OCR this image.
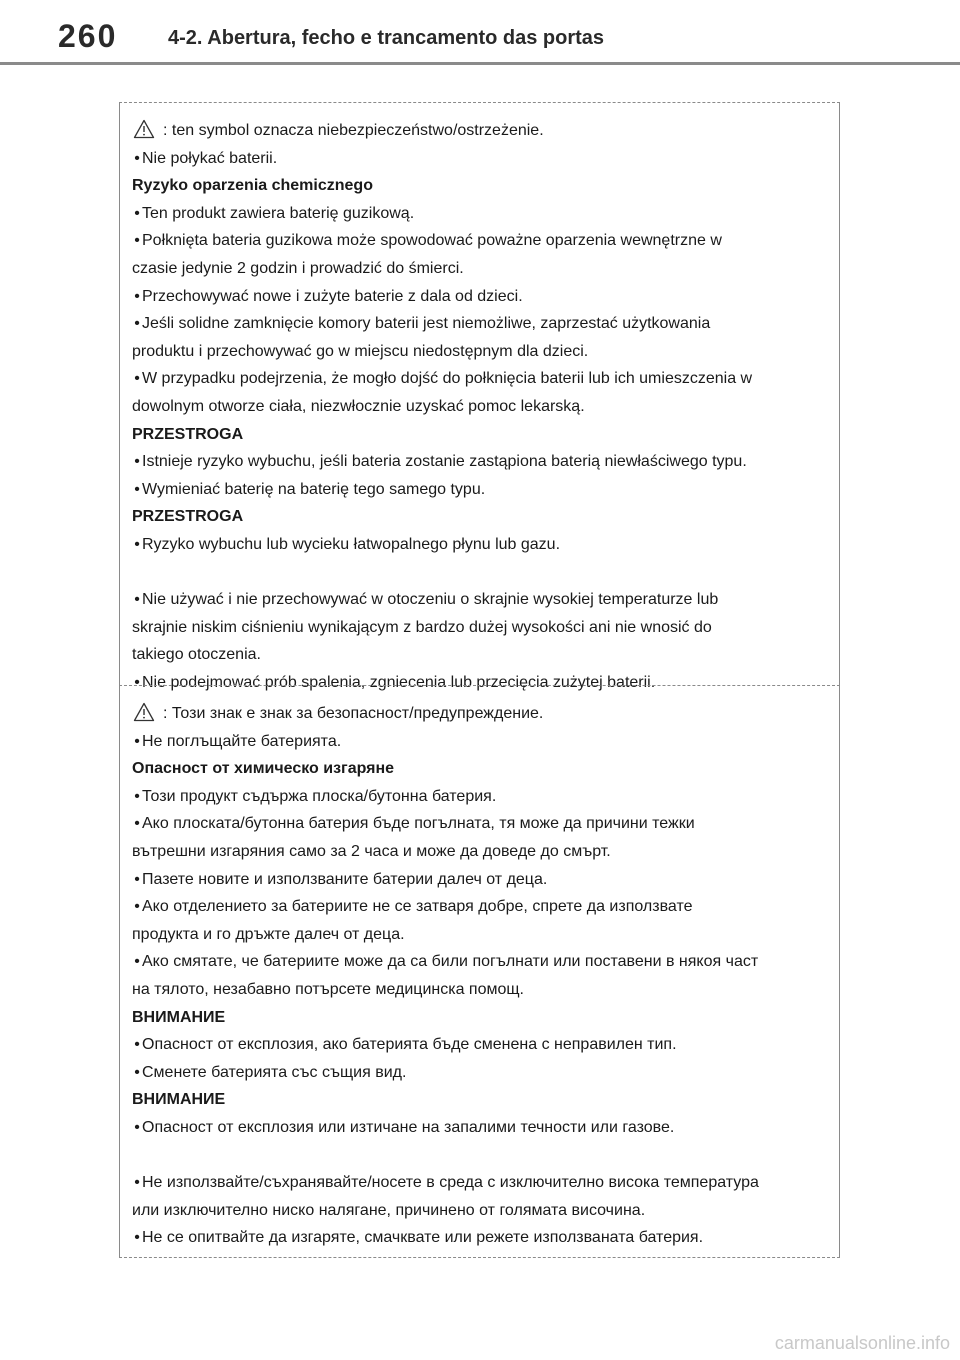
260	4-2. Abertura, fecho e trancamento das portas
: ten symbol oznacza niebezpieczeństwo/ostrzeżenie.
• Nie połykać baterii.
Ryzyko oparzenia chemicznego
• Ten produkt zawiera baterię guzikową.
• Połknięta bateria guzikowa może spowodować poważne oparzenia wewnętrzne w
czasie jedynie 2 godzin i prowadzić do śmierci.
• Przechowywać nowe i zużyte baterie z dala od dzieci.
• Jeśli solidne zamknięcie komory baterii jest niemożliwe, zaprzestać użytkowania
produktu i przechowywać go w miejscu niedostępnym dla dzieci.
• W przypadku podejrzenia, że mogło dojść do połknięcia baterii lub ich umieszczenia w
dowolnym otworze ciała, niezwłocznie uzyskać pomoc lekarską.
PRZESTROGA
• Istnieje ryzyko wybuchu, jeśli bateria zostanie zastąpiona baterią niewłaściwego typu.
• Wymieniać baterię na baterię tego samego typu.
PRZESTROGA
• Ryzyko wybuchu lub wycieku łatwopalnego płynu lub gazu.
• Nie używać i nie przechowywać w otoczeniu o skrajnie wysokiej temperaturze lub
skrajnie niskim ciśnieniu wynikającym z bardzo dużej wysokości ani nie wnosić do
takiego otoczenia.
• Nie podejmować prób spalenia, zgniecenia lub przecięcia zużytej baterii.
: Този знак е знак за безопасност/предупреждение.
• Не поглъщайте батерията.
Опасност от химическо изгаряне
• Този продукт съдържа плоска/бутонна батерия.
• Ако плоската/бутонна батерия бъде погълната, тя може да причини тежки
вътрешни изгаряния само за 2 часа и може да доведе до смърт.
• Пазете новите и използваните батерии далеч от деца.
• Ако отделението за батериите не се затваря добре, спрете да използвате
продукта и го дръжте далеч от деца.
• Ако смятате, че батериите може да са били погълнати или поставени в някоя част
на тялото, незабавно потърсете медицинска помощ.
ВНИМАНИЕ
• Опасност от експлозия, ако батерията бъде сменена с неправилен тип.
• Сменете батерията със същия вид.
ВНИМАНИЕ
• Опасност от експлозия или изтичане на запалими течности или газове.
• Не използвайте/съхранявайте/носете в среда с изключително висока температура
или изключително ниско налягане, причинено от голямата височина.
• Не се опитвайте да изгаряте, смачквате или режете използваната батерия.
carmanualsonline.info
